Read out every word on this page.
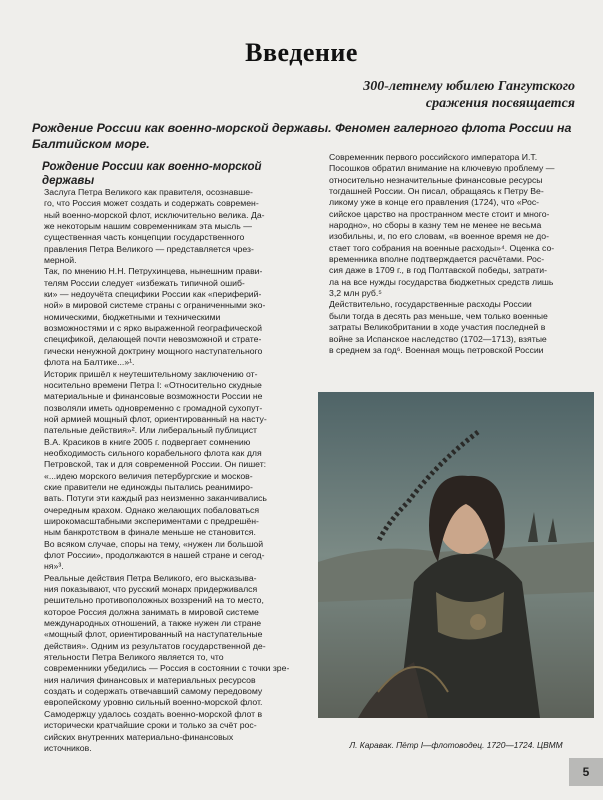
Введение
300-летнему юбилею Гангутского
сражения посвящается
Рождение России как военно-морской державы. Феномен галерного флота России на Балтийском море.
Рождение России как военно-морской державы

Заслуга Петра Великого как правителя, осознавше-
го, что Россия может создать и содержать современ-
ный военно-морской флот, исключительно велика. Да-
же некоторым нашим современникам эта мысль —
существенная часть концепции государственного
правления Петра Великого — представляется чрез-
мерной.

Так, по мнению Н.Н. Петрухинцева, нынешним прави-
телям России следует «избежать типичной ошиб-
ки» — недоучёта специфики России как «периферий-
ной» в мировой системе страны с ограниченными эко-
номическими, бюджетными и техническими
возможностями и с ярко выраженной географической
спецификой, делающей почти невозможной и страте-
гически ненужной доктрину мощного наступательного
флота на Балтике...»¹.

Историк пришёл к неутешительному заключению от-
носительно времени Петра I: «Относительно скудные
материальные и финансовые возможности России не
позволяли иметь одновременно с громадной сухопут-
ной армией мощный флот, ориентированный на насту-
пательные действия»². Или либеральный публицист
В.А. Красиков в книге 2005 г. подвергает сомнению
необходимость сильного корабельного флота как для
Петровской, так и для современной России. Он пишет:
«...идею морского величия петербургские и москов-
ские правители не единожды пытались реанимиро-
вать. Потуги эти каждый раз неизменно заканчивались
очередным крахом. Однако желающих побаловаться
широкомасштабными экспериментами с предрешён-
ным банкротством в финале меньше не становится.
Во всяком случае, споры на тему, «нужен ли большой
флот России», продолжаются в нашей стране и сегод-
ня»³.

Реальные действия Петра Великого, его высказыва-
ния показывают, что русский монарх придерживался
решительно противоположных воззрений на то место,
которое Россия должна занимать в мировой системе
международных отношений, а также нужен ли стране
«мощный флот, ориентированный на наступательные
действия». Одним из результатов государственной де-
ятельности Петра Великого является то, что
современники убедились — Россия в состоянии с точки зре-
ния наличия финансовых и материальных ресурсов
создать и содержать отвечавший самому передовому
европейскому уровню сильный военно-морской флот.
Самодержцу удалось создать военно-морской флот в
исторически кратчайшие сроки и только за счёт рос-
сийских внутренних материально-финансовых
источников.

Современник первого российского императора И.Т.
Посошков обратил внимание на ключевую проблему —
относительно незначительные финансовые ресурсы
тогдашней России. Он писал, обращаясь к Петру Ве-
ликому уже в конце его правления (1724), что «Рос-
сийское царство на пространном месте стоит и много-
народно», но сборы в казну тем не менее не весьма
изобильны, и, по его словам, «в военное время не до-
стает того собрания на военные расходы»⁴. Оценка со-
временника вполне подтверждается расчётами. Рос-
сия даже в 1709 г., в год Полтавской победы, затрати-
ла на все нужды государства бюджетных средств лишь
3,2 млн руб.⁵

Действительно, государственные расходы России
были тогда в десять раз меньше, чем только военные
затраты Великобритании в ходе участия последней в
войне за Испанское наследство (1702—1713), взятые
в среднем за год⁶. Военная мощь петровской России

Л. Каравак. Пётр I—флотоводец. 1720—1724. ЦВММ
5
